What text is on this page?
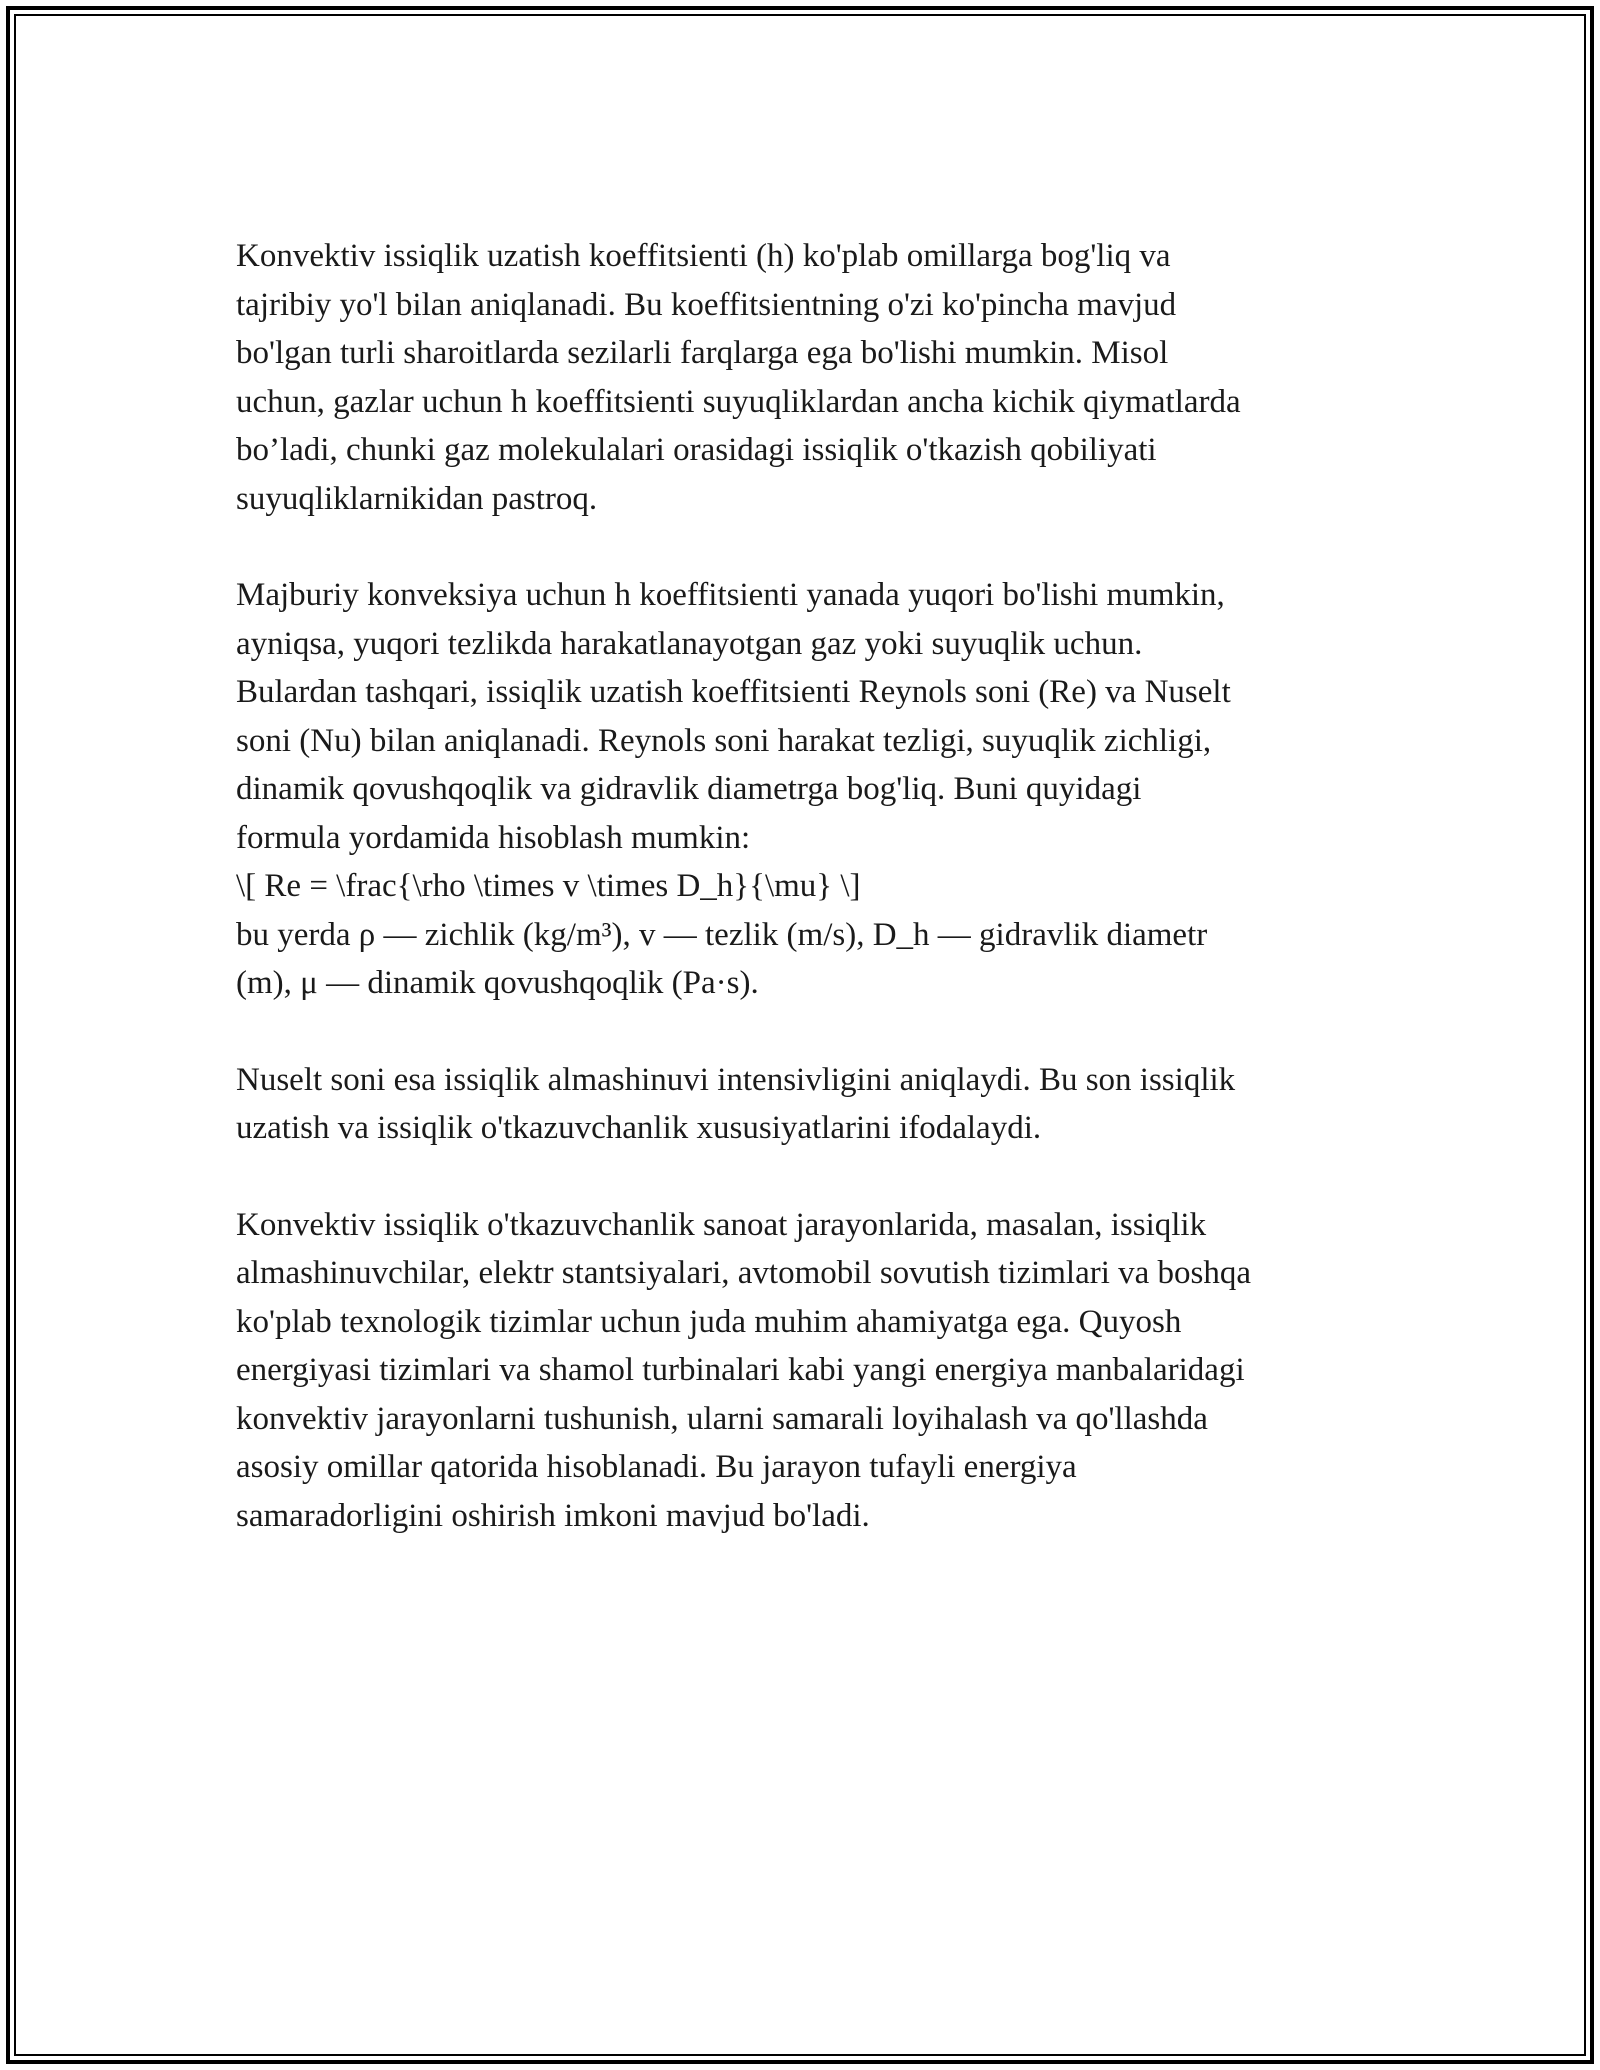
Konvektiv issiqlik uzatish koeffitsienti (h) ko'plab omillarga bog'liq va
tajribiy yo'l bilan aniqlanadi. Bu koeffitsientning o'zi ko'pincha mavjud
bo'lgan turli sharoitlarda sezilarli farqlarga ega bo'lishi mumkin. Misol
uchun, gazlar uchun h koeffitsienti suyuqliklardan ancha kichik qiymatlarda
bo’ladi, chunki gaz molekulalari orasidagi issiqlik o'tkazish qobiliyati
suyuqliklarnikidan pastroq.

Majburiy konveksiya uchun h koeffitsienti yanada yuqori bo'lishi mumkin,
ayniqsa, yuqori tezlikda harakatlanayotgan gaz yoki suyuqlik uchun.
Bulardan tashqari, issiqlik uzatish koeffitsienti Reynols soni (Re) va Nuselt
soni (Nu) bilan aniqlanadi. Reynols soni harakat tezligi, suyuqlik zichligi,
dinamik qovushqoqlik va gidravlik diametrga bog'liq. Buni quyidagi
formula yordamida hisoblash mumkin:
\[ Re = \frac{\rho \times v \times D_h}{\mu} \]
bu yerda ρ — zichlik (kg/m³), v — tezlik (m/s), D_h — gidravlik diametr
(m), μ — dinamik qovushqoqlik (Pa·s).

Nuselt soni esa issiqlik almashinuvi intensivligini aniqlaydi. Bu son issiqlik
uzatish va issiqlik o'tkazuvchanlik xususiyatlarini ifodalaydi.

Konvektiv issiqlik o'tkazuvchanlik sanoat jarayonlarida, masalan, issiqlik
almashinuvchilar, elektr stantsiyalari, avtomobil sovutish tizimlari va boshqa
ko'plab texnologik tizimlar uchun juda muhim ahamiyatga ega. Quyosh
energiyasi tizimlari va shamol turbinalari kabi yangi energiya manbalaridagi
konvektiv jarayonlarni tushunish, ularni samarali loyihalash va qo'llashda
asosiy omillar qatorida hisoblanadi. Bu jarayon tufayli energiya
samaradorligini oshirish imkoni mavjud bo'ladi.
